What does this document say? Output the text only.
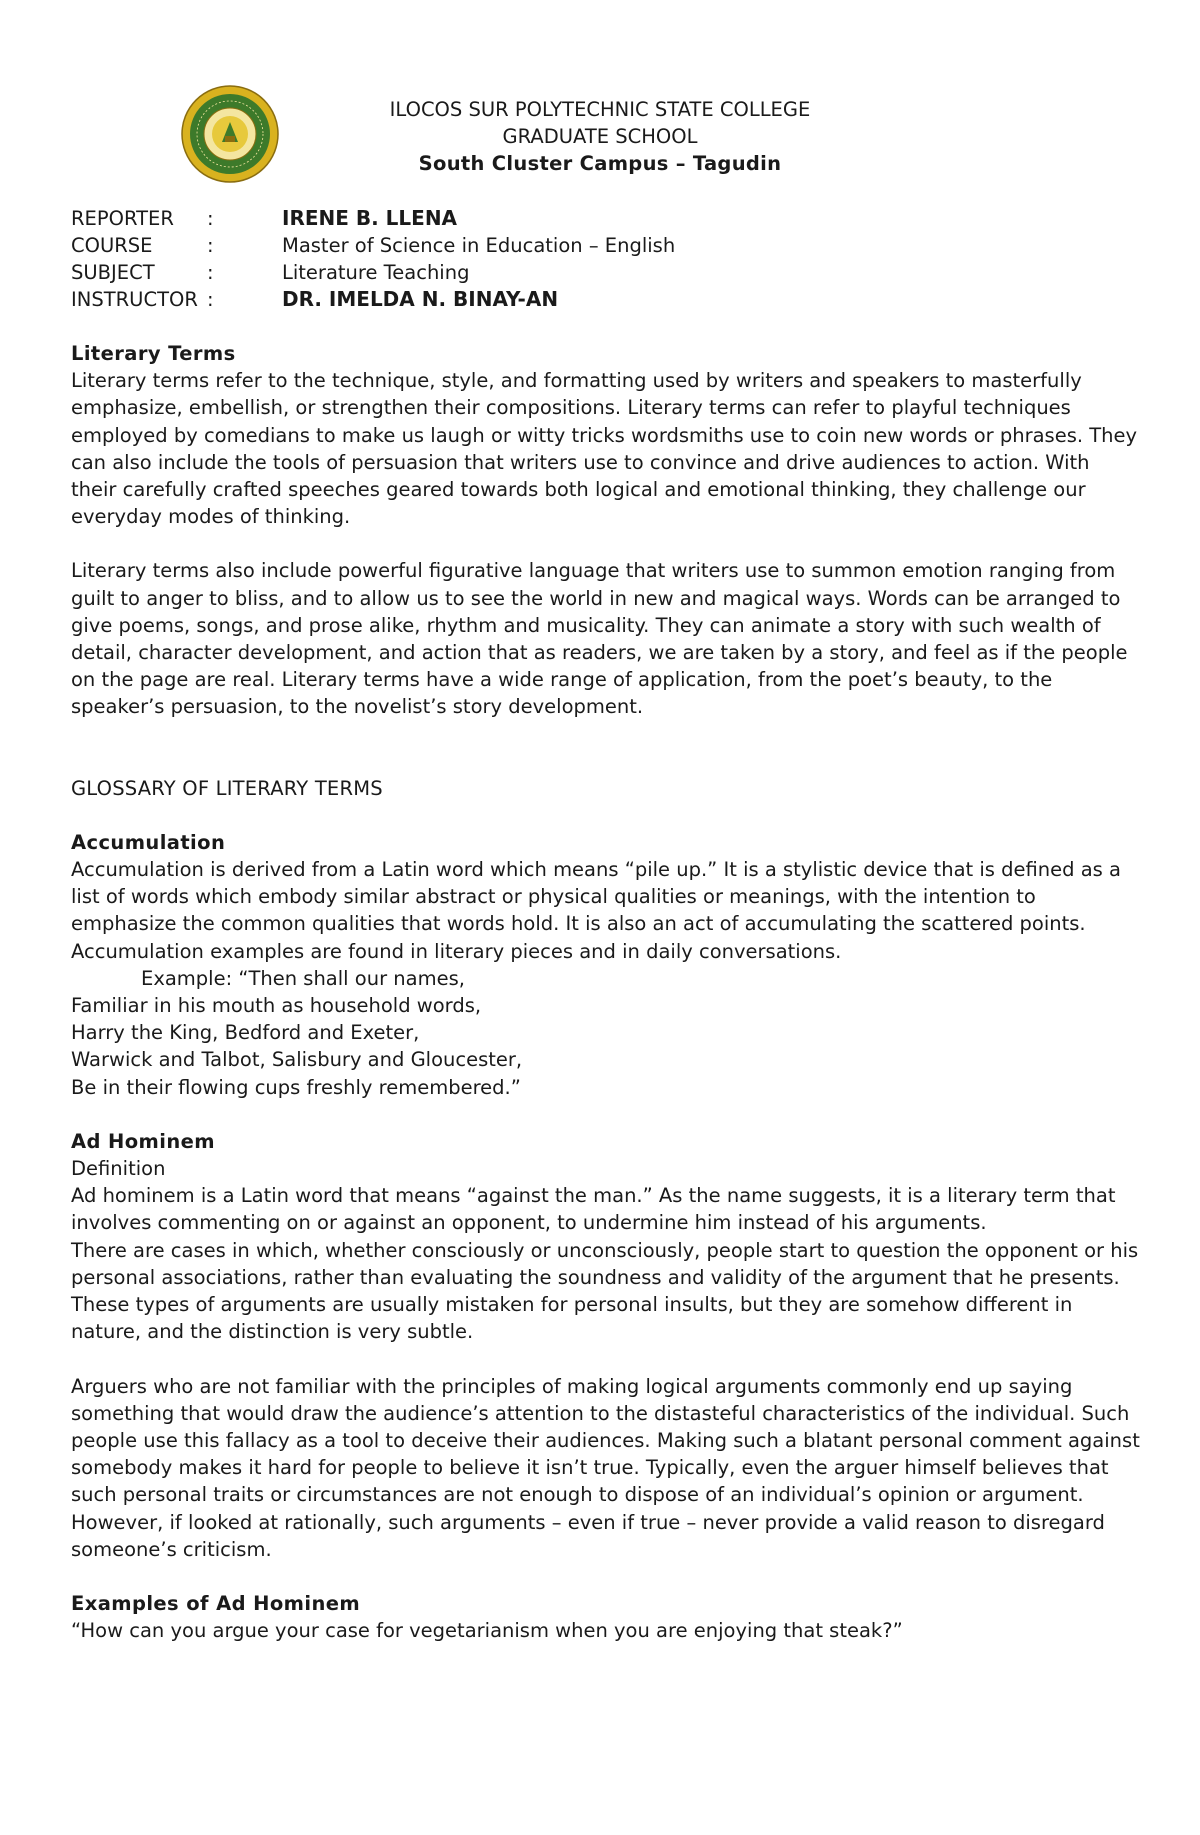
ILOCOS SUR POLYTECHNIC STATE COLLEGE
GRADUATE SCHOOL
South Cluster Campus – Tagudin
REPORTER	:	IRENE B. LLENA
COURSE	:	Master of Science in Education – English
SUBJECT	:	Literature Teaching
INSTRUCTOR :	DR. IMELDA N. BINAY-AN

Literary Terms

Literary terms refer to the technique, style, and formatting used by writers and speakers to masterfully emphasize, embellish, or strengthen their compositions. Literary terms can refer to playful techniques employed by comedians to make us laugh or witty tricks wordsmiths use to coin new words or phrases. They can also include the tools of persuasion that writers use to convince and drive audiences to action. With their carefully crafted speeches geared towards both logical and emotional thinking, they challenge our everyday modes of thinking.

Literary terms also include powerful figurative language that writers use to summon emotion ranging from guilt to anger to bliss, and to allow us to see the world in new and magical ways. Words can be arranged to give poems, songs, and prose alike, rhythm and musicality. They can animate a story with such wealth of detail, character development, and action that as readers, we are taken by a story, and feel as if the people on the page are real. Literary terms have a wide range of application, from the poet’s beauty, to the speaker’s persuasion, to the novelist’s story development.

GLOSSARY OF LITERARY TERMS

Accumulation

Accumulation is derived from a Latin word which means “pile up.” It is a stylistic device that is defined as a list of words which embody similar abstract or physical qualities or meanings, with the intention to emphasize the common qualities that words hold. It is also an act of accumulating the scattered points. Accumulation examples are found in literary pieces and in daily conversations.

Example: “Then shall our names,

Familiar in his mouth as household words,

Harry the King, Bedford and Exeter,

Warwick and Talbot, Salisbury and Gloucester,

Be in their flowing cups freshly remembered.”

Ad Hominem

Definition

Ad hominem is a Latin word that means “against the man.” As the name suggests, it is a literary term that involves commenting on or against an opponent, to undermine him instead of his arguments.

There are cases in which, whether consciously or unconsciously, people start to question the opponent or his personal associations, rather than evaluating the soundness and validity of the argument that he presents. These types of arguments are usually mistaken for personal insults, but they are somehow different in nature, and the distinction is very subtle.

Arguers who are not familiar with the principles of making logical arguments commonly end up saying something that would draw the audience’s attention to the distasteful characteristics of the individual. Such people use this fallacy as a tool to deceive their audiences. Making such a blatant personal comment against somebody makes it hard for people to believe it isn’t true. Typically, even the arguer himself believes that such personal traits or circumstances are not enough to dispose of an individual’s opinion or argument. However, if looked at rationally, such arguments – even if true – never provide a valid reason to disregard someone’s criticism.

Examples of Ad Hominem

“How can you argue your case for vegetarianism when you are enjoying that steak?”
